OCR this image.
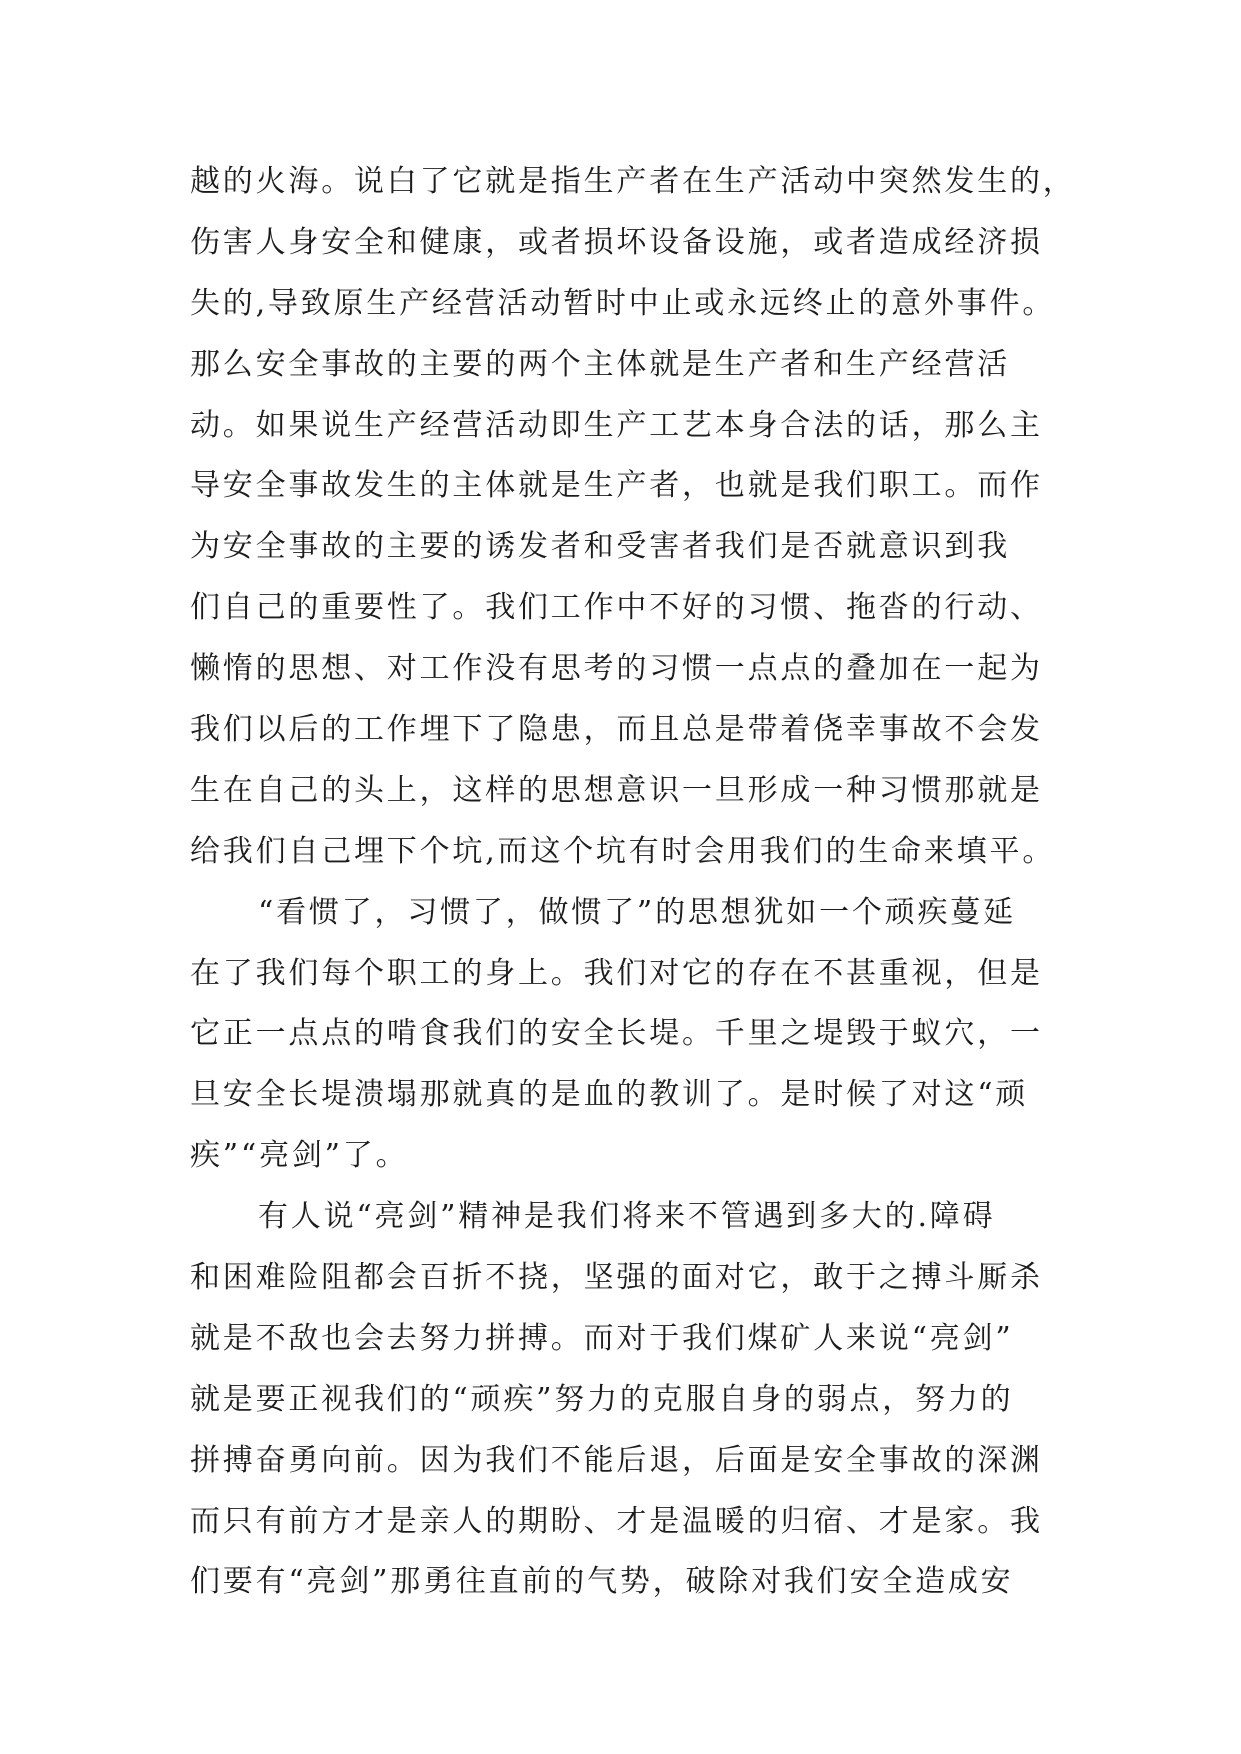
越的火海。说白了它就是指生产者在生产活动中突然发生的，
伤害人身安全和健康，或者损坏设备设施，或者造成经济损
失的,导致原生产经营活动暂时中止或永远终止的意外事件。
那么安全事故的主要的两个主体就是生产者和生产经营活
动。如果说生产经营活动即生产工艺本身合法的话，那么主
导安全事故发生的主体就是生产者，也就是我们职工。而作
为安全事故的主要的诱发者和受害者我们是否就意识到我
们自己的重要性了。我们工作中不好的习惯、拖沓的行动、
懒惰的思想、对工作没有思考的习惯一点点的叠加在一起为
我们以后的工作埋下了隐患，而且总是带着侥幸事故不会发
生在自己的头上，这样的思想意识一旦形成一种习惯那就是
给我们自己埋下个坑,而这个坑有时会用我们的生命来填平。
“看惯了，习惯了，做惯了”的思想犹如一个顽疾蔓延
在了我们每个职工的身上。我们对它的存在不甚重视，但是
它正一点点的啃食我们的安全长堤。千里之堤毁于蚁穴，一
旦安全长堤溃塌那就真的是血的教训了。是时候了对这“顽
疾”“亮剑”了。
有人说“亮剑”精神是我们将来不管遇到多大的.障碍
和困难险阻都会百折不挠，坚强的面对它，敢于之搏斗厮杀
就是不敌也会去努力拼搏。而对于我们煤矿人来说“亮剑”
就是要正视我们的“顽疾”努力的克服自身的弱点，努力的
拼搏奋勇向前。因为我们不能后退，后面是安全事故的深渊
而只有前方才是亲人的期盼、才是温暖的归宿、才是家。我
们要有“亮剑”那勇往直前的气势，破除对我们安全造成安
